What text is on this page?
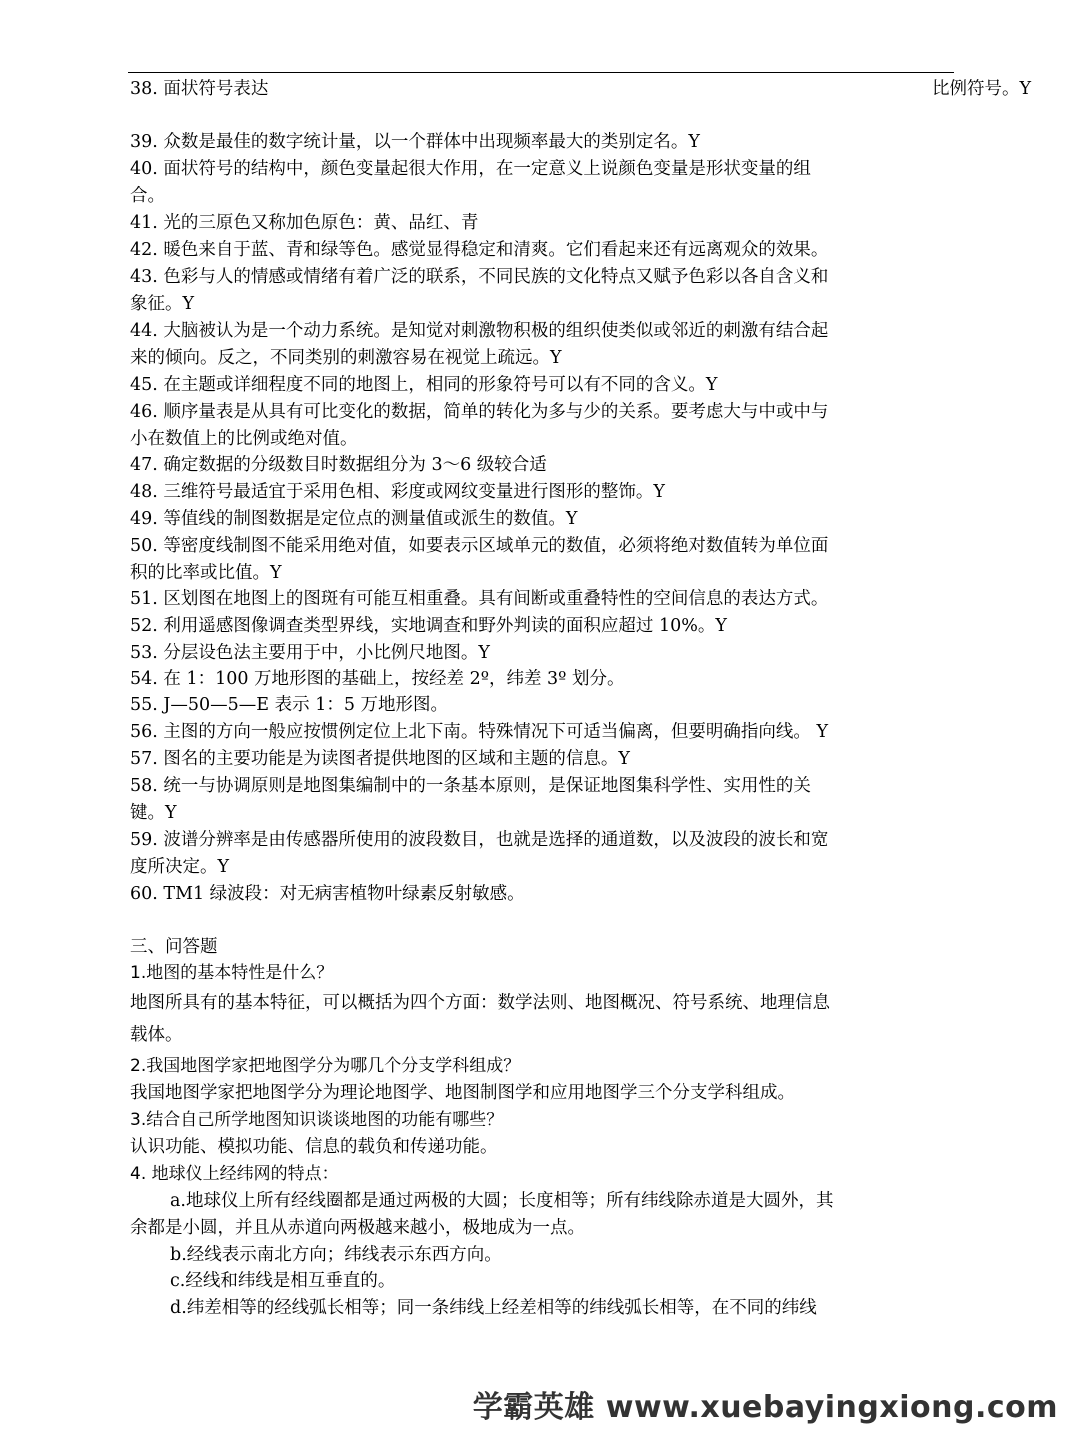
38. 面状符号表达	比例符号。Y
39. 众数是最佳的数字统计量，以一个群体中出现频率最大的类别定名。Y
40. 面状符号的结构中，颜色变量起很大作用，在一定意义上说颜色变量是形状变量的组
合。
41. 光的三原色又称加色原色：黄、品红、青
42. 暖色来自于蓝、青和绿等色。感觉显得稳定和清爽。它们看起来还有远离观众的效果。
43. 色彩与人的情感或情绪有着广泛的联系，不同民族的文化特点又赋予色彩以各自含义和
象征。Y
44. 大脑被认为是一个动力系统。是知觉对刺激物积极的组织使类似或邻近的刺激有结合起
来的倾向。反之，不同类别的刺激容易在视觉上疏远。Y
45. 在主题或详细程度不同的地图上，相同的形象符号可以有不同的含义。Y
46. 顺序量表是从具有可比变化的数据，简单的转化为多与少的关系。要考虑大与中或中与
小在数值上的比例或绝对值。
47. 确定数据的分级数目时数据组分为 3～6 级较合适
48. 三维符号最适宜于采用色相、彩度或网纹变量进行图形的整饰。Y
49. 等值线的制图数据是定位点的测量值或派生的数值。Y
50. 等密度线制图不能采用绝对值，如要表示区域单元的数值，必须将绝对数值转为单位面
积的比率或比值。Y
51. 区划图在地图上的图斑有可能互相重叠。具有间断或重叠特性的空间信息的表达方式。
52. 利用遥感图像调查类型界线，实地调查和野外判读的面积应超过 10%。Y
53. 分层设色法主要用于中，小比例尺地图。Y
54. 在 1：100 万地形图的基础上，按经差 2º，纬差 3º 划分。
55. J—50—5—E 表示 1：5 万地形图。
56. 主图的方向一般应按惯例定位上北下南。特殊情况下可适当偏离，但要明确指向线。 Y
57. 图名的主要功能是为读图者提供地图的区域和主题的信息。Y
58. 统一与协调原则是地图集编制中的一条基本原则，是保证地图集科学性、实用性的关
键。Y
59. 波谱分辨率是由传感器所使用的波段数目，也就是选择的通道数，以及波段的波长和宽
度所决定。Y
60. TM1 绿波段：对无病害植物叶绿素反射敏感。
三、问答题
1.地图的基本特性是什么？
地图所具有的基本特征，可以概括为四个方面：数学法则、地图概况、符号系统、地理信息
载体。
2.我国地图学家把地图学分为哪几个分支学科组成？
我国地图学家把地图学分为理论地图学、地图制图学和应用地图学三个分支学科组成。
3.结合自己所学地图知识谈谈地图的功能有哪些？
认识功能、模拟功能、信息的载负和传递功能。
4. 地球仪上经纬网的特点：
a.地球仪上所有经线圈都是通过两极的大圆；长度相等；所有纬线除赤道是大圆外，其
余都是小圆，并且从赤道向两极越来越小，极地成为一点。
b.经线表示南北方向；纬线表示东西方向。
c.经线和纬线是相互垂直的。
d.纬差相等的经线弧长相等；同一条纬线上经差相等的纬线弧长相等，在不同的纬线
学霸英雄 www.xuebayingxiong.com
